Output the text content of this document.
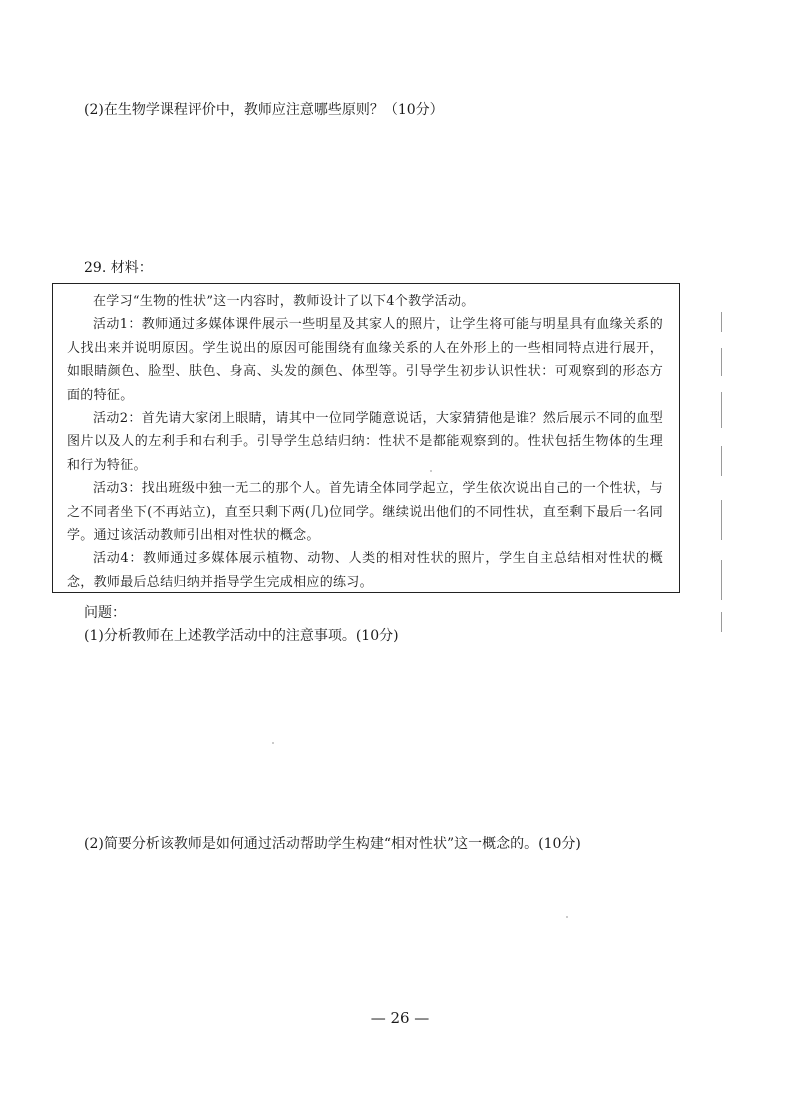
(2)在生物学课程评价中，教师应注意哪些原则？（10分）
29. 材料：

在学习“生物的性状”这一内容时，教师设计了以下4个教学活动。

活动1：教师通过多媒体课件展示一些明星及其家人的照片，让学生将可能与明星具有血缘关系的人找出来并说明原因。学生说出的原因可能围绕有血缘关系的人在外形上的一些相同特点进行展开，如眼睛颜色、脸型、肤色、身高、头发的颜色、体型等。引导学生初步认识性状：可观察到的形态方面的特征。

活动2：首先请大家闭上眼睛，请其中一位同学随意说话，大家猜猜他是谁？然后展示不同的血型图片以及人的左利手和右利手。引导学生总结归纳：性状不是都能观察到的。性状包括生物体的生理和行为特征。

活动3：找出班级中独一无二的那个人。首先请全体同学起立，学生依次说出自己的一个性状，与之不同者坐下(不再站立)，直至只剩下两(几)位同学。继续说出他们的不同性状，直至剩下最后一名同学。通过该活动教师引出相对性状的概念。

活动4：教师通过多媒体展示植物、动物、人类的相对性状的照片，学生自主总结相对性状的概念，教师最后总结归纳并指导学生完成相应的练习。

问题：
(1)分析教师在上述教学活动中的注意事项。(10分)
(2)简要分析该教师是如何通过活动帮助学生构建“相对性状”这一概念的。(10分)
— 26 —
